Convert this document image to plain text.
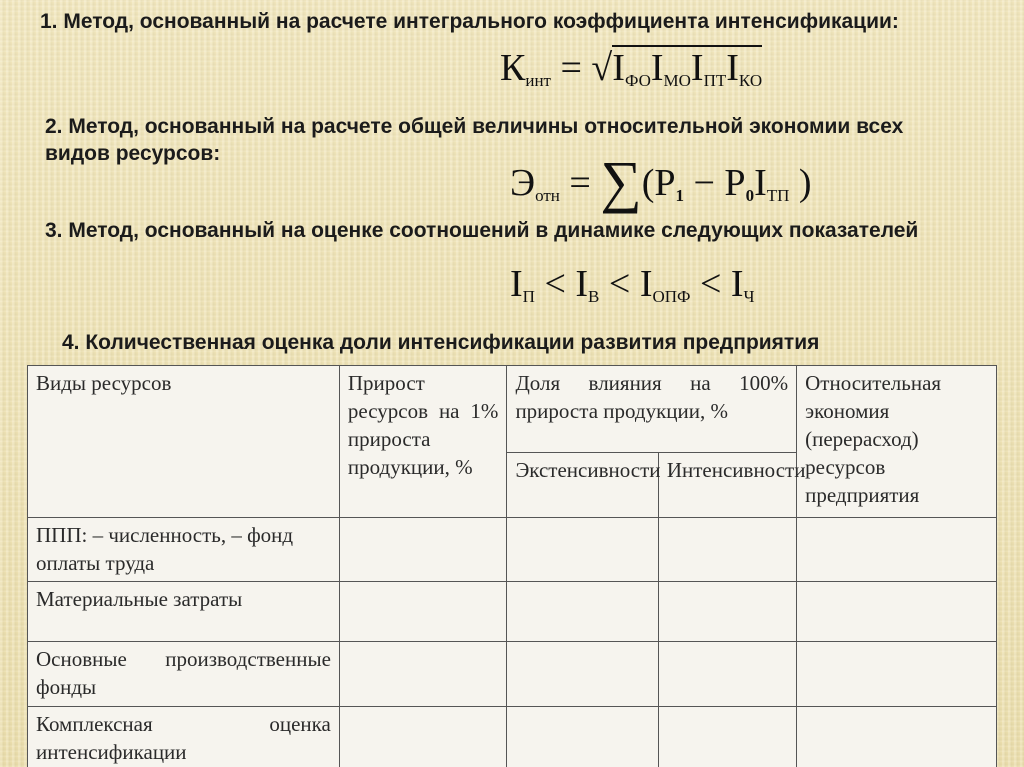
1. Метод, основанный на расчете интегрального коэффициента интенсификации:
$К_{инт} = √I_{ФО}I_{МО}I_{ПТ}I_{КО}$
2. Метод, основанный на расчете общей величины относительной экономии всех видов ресурсов:
$Э_{отн} = \sum(Р_1 - Р_0I_{ТП}$ )
3. Метод, основанный на оценке соотношений в динамике следующих показателей
$I_П < I_В < I_{ОПФ} < I_Ч$
4. Количественная оценка доли интенсификации развития предприятия
Виды ресурсов	Прирост ресурсов на 1% прироста продукции, %	Доля влияния на 100% прироста продукции, %		Относительная экономия (перерасход) ресурсов предприятия
		Экстенсивности	Интенсивности	
ППП: – численность, – фонд оплаты труда				
Материальные затраты				
Основные производственные фонды				
Комплексная оценка интенсификации				
